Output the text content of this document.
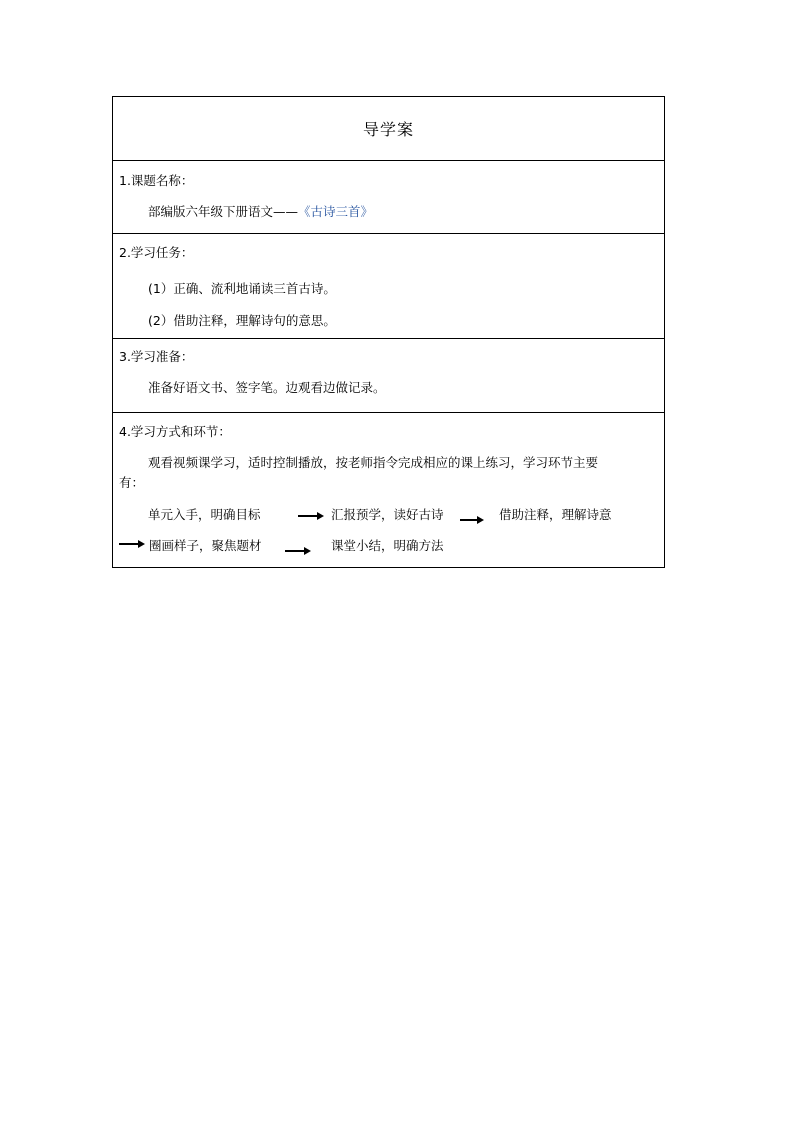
导学案
1.课题名称：
部编版六年级下册语文——《古诗三首》
2.学习任务：
(1）正确、流利地诵读三首古诗。
(2）借助注释，理解诗句的意思。
3.学习准备：
准备好语文书、签字笔。边观看边做记录。
4.学习方式和环节：
观看视频课学习，适时控制播放，按老师指令完成相应的课上练习，学习环节主要
有：
单元入手，明确目标	汇报预学，读好古诗	借助注释，理解诗意
圈画样子，聚焦题材	课堂小结，明确方法
